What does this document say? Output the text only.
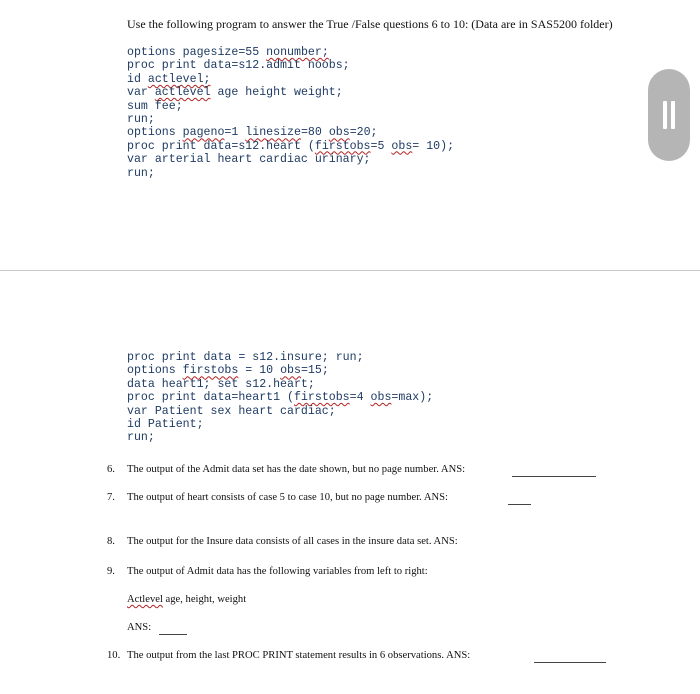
Use the following program to answer the True /False questions 6 to 10: (Data are in SAS5200 folder)
options pagesize=55 nonumber;
proc print data=s12.admit noobs;
id actlevel;
var actlevel age height weight;
sum fee;
run;
options pageno=1 linesize=80 obs=20;
proc print data=s12.heart (firstobs=5 obs= 10);
var arterial heart cardiac urinary;
run;
proc print data = s12.insure; run;
options firstobs = 10 obs=15;
data heart1; set s12.heart;
proc print data=heart1 (firstobs=4 obs=max);
var Patient sex heart cardiac;
id Patient;
run;
6. The output of the Admit data set has the date shown, but no page number. ANS:
7. The output of heart consists of case 5 to case 10, but no page number. ANS:
8. The output for the Insure data consists of all cases in the insure data set. ANS:
9. The output of Admit data has the following variables from left to right:
Actlevel age, height, weight
ANS:
10. The output from the last PROC PRINT statement results in 6 observations. ANS:
